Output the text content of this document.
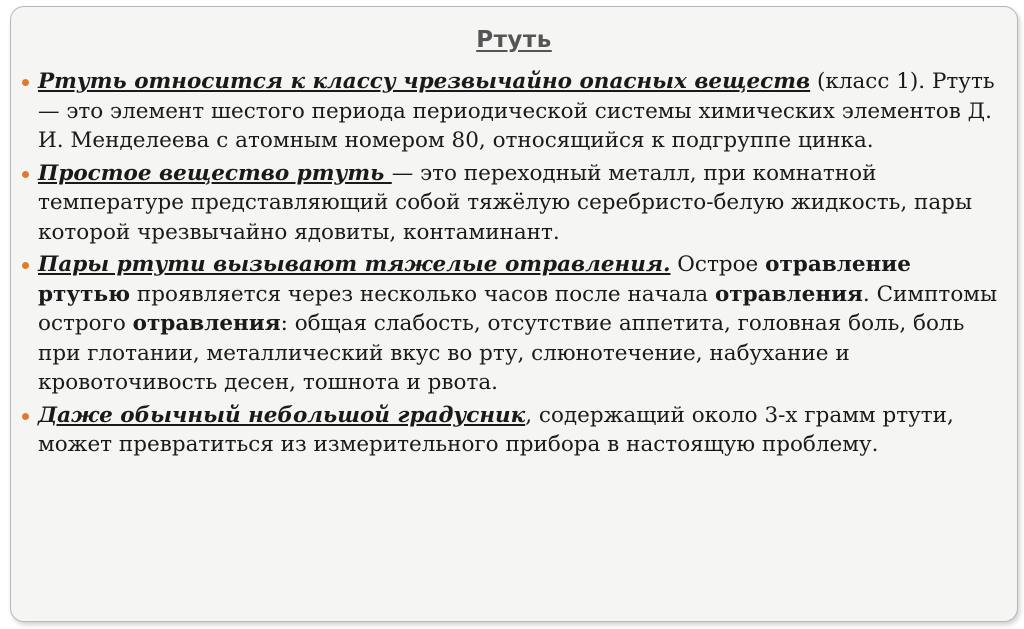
Ртуть

Ртуть относится к классу чрезвычайно опасных веществ (класс 1). Ртуть — это элемент шестого периода периодической системы химических элементов Д. И. Менделеева с атомным номером 80, относящийся к подгруппе цинка.

Простое вещество ртуть — это переходный металл, при комнатной температуре представляющий собой тяжёлую серебристо-белую жидкость, пары которой чрезвычайно ядовиты, контаминант.

Пары ртути вызывают тяжелые отравления. Острое отравление ртутью проявляется через несколько часов после начала отравления. Симптомы острого отравления: общая слабость, отсутствие аппетита, головная боль, боль при глотании, металлический вкус во рту, слюнотечение, набухание и кровоточивость десен, тошнота и рвота.

Даже обычный небольшой градусник, содержащий около 3-х грамм ртути, может превратиться из измерительного прибора в настоящую проблему.
